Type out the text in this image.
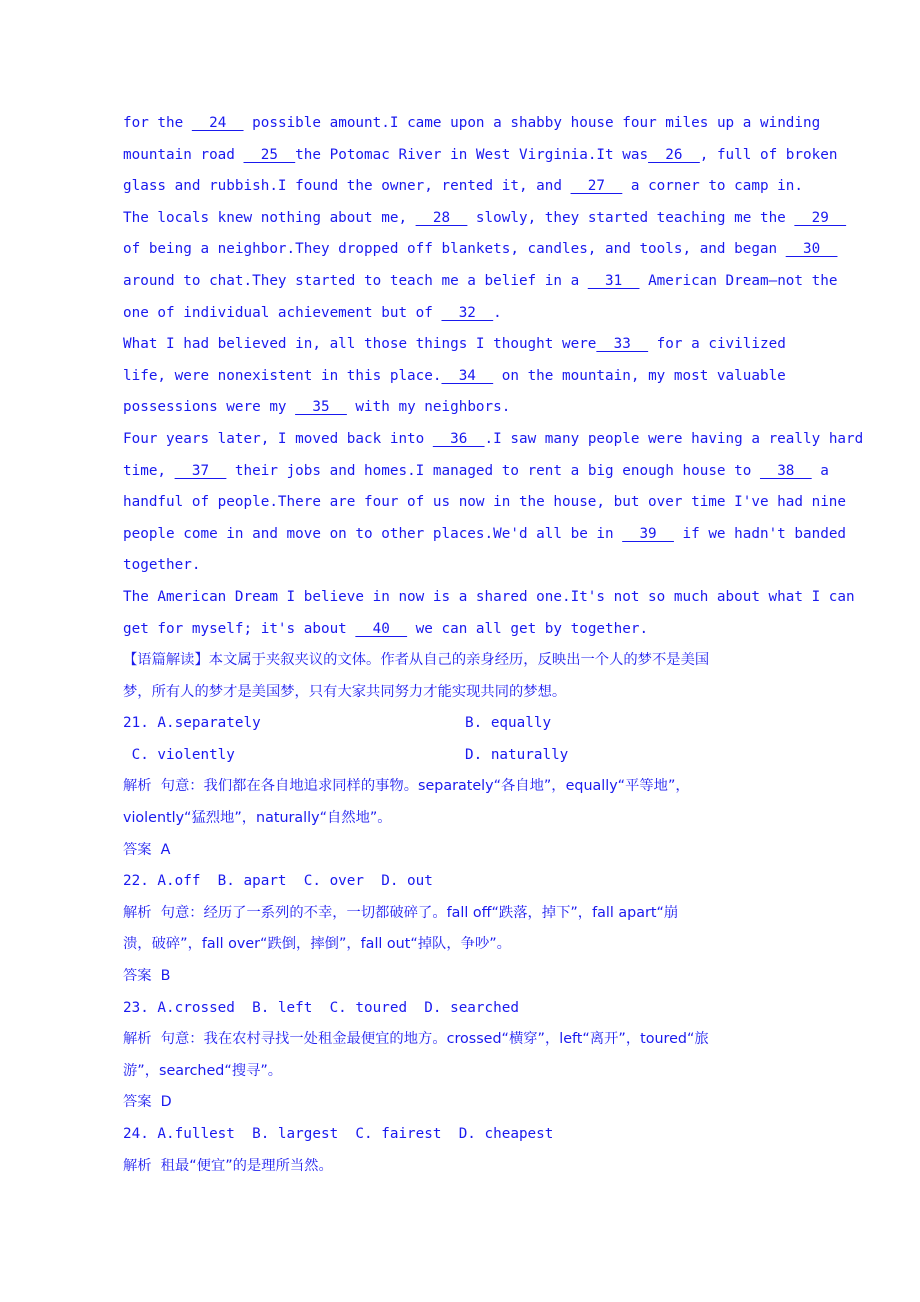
for the __24__ possible amount.I came upon a shabby house four miles up a winding
mountain road __25__the Potomac River in West Virginia.It was__26__, full of broken
glass and rubbish.I found the owner, rented it, and __27__ a corner to camp in.
The locals knew nothing about me, __28__ slowly, they started teaching me the __29__
of being a neighbor.They dropped off blankets, candles, and tools, and began __30__
around to chat.They started to teach me a belief in a __31__ American Dream—not the
one of individual achievement but of __32__.
What I had believed in, all those things I thought were__33__ for a civilized
life, were nonexistent in this place.__34__ on the mountain, my most valuable
possessions were my __35__ with my neighbors.
Four years later, I moved back into __36__.I saw many people were having a really hard
time, __37__ their jobs and homes.I managed to rent a big enough house to __38__ a
handful of people.There are four of us now in the house, but over time I've had nine
people come in and move on to other places.We'd all be in __39__ if we hadn't banded
together.
The American Dream I believe in now is a shared one.It's not so much about what I can
get for myself; it's about __40__ we can all get by together.
【语篇解读】本文属于夹叙夹议的文体。作者从自己的亲身经历，反映出一个人的梦不是美国
梦，所有人的梦才是美国梦，只有大家共同努力才能实现共同的梦想。
21. A.separately	B. equally
C. violently	D. naturally
解析  句意：我们都在各自地追求同样的事物。separately“各自地”，equally“平等地”，
violently“猛烈地”，naturally“自然地”。
答案  A
22. A.off  B. apart  C. over  D. out
解析  句意：经历了一系列的不幸，一切都破碎了。fall off“跌落，掉下”，fall apart“崩
溃，破碎”，fall over“跌倒，摔倒”，fall out“掉队，争吵”。
答案  B
23. A.crossed  B. left  C. toured  D. searched
解析  句意：我在农村寻找一处租金最便宜的地方。crossed“横穿”，left“离开”，toured“旅
游”，searched“搜寻”。
答案  D
24. A.fullest  B. largest  C. fairest  D. cheapest
解析  租最“便宜”的是理所当然。
